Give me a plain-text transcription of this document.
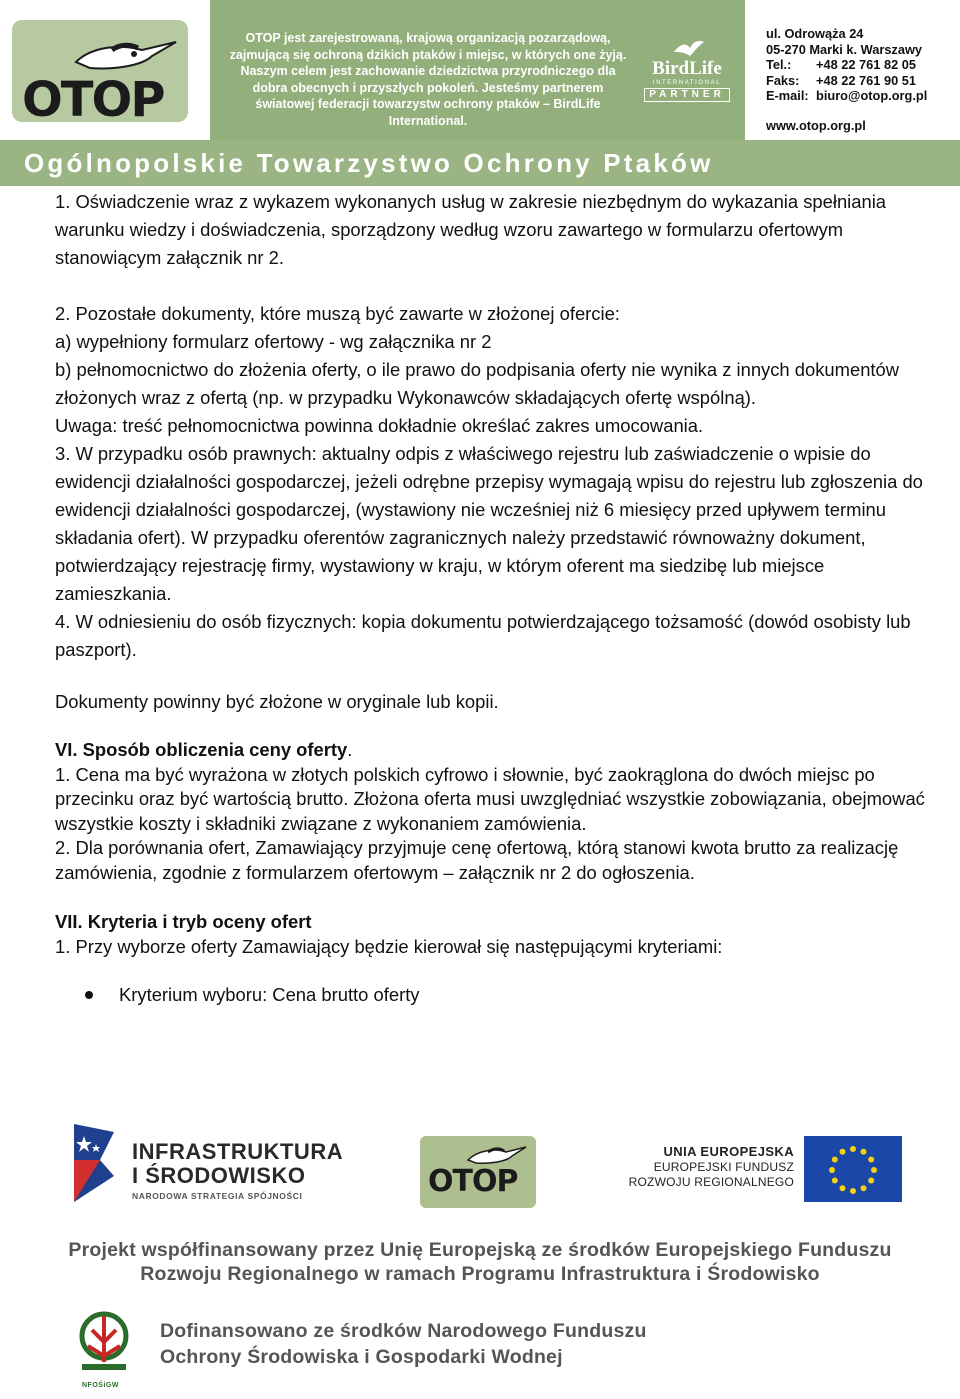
OTOP
OTOP jest zarejestrowaną, krajową organizacją pozarządową, zajmującą się ochroną dzikich ptaków i miejsc, w których one żyją. Naszym celem jest zachowanie dziedzictwa przyrodniczego dla dobra obecnych i przyszłych pokoleń. Jesteśmy partnerem światowej federacji towarzystw ochrony ptaków – BirdLife International.
BirdLife
INTERNATIONAL
PARTNER
ul. Odrowąża 24
05-270 Marki k. Warszawy
Tel.: +48 22 761 82 05
Faks: +48 22 761 90 51
E-mail: biuro@otop.org.pl
www.otop.org.pl
Ogólnopolskie Towarzystwo Ochrony Ptaków
1. Oświadczenie wraz z wykazem wykonanych usług w zakresie niezbędnym do wykazania spełniania warunku wiedzy i doświadczenia, sporządzony według wzoru zawartego w formularzu ofertowym stanowiącym załącznik nr 2.
2. Pozostałe dokumenty, które muszą być zawarte w złożonej ofercie:
a) wypełniony formularz ofertowy - wg załącznika nr 2
b) pełnomocnictwo do złożenia oferty, o ile prawo do podpisania oferty nie wynika z innych dokumentów złożonych wraz z ofertą (np. w przypadku Wykonawców składających ofertę wspólną).
Uwaga: treść pełnomocnictwa powinna dokładnie określać zakres umocowania.
3. W przypadku osób prawnych: aktualny odpis z właściwego rejestru lub zaświadczenie o wpisie do ewidencji działalności gospodarczej, jeżeli odrębne przepisy wymagają wpisu do rejestru lub zgłoszenia do ewidencji działalności gospodarczej, (wystawiony nie wcześniej niż 6 miesięcy przed upływem terminu składania ofert). W przypadku oferentów zagranicznych należy przedstawić równoważny dokument, potwierdzający rejestrację firmy, wystawiony w kraju, w którym oferent ma siedzibę lub miejsce zamieszkania.
4. W odniesieniu do osób fizycznych: kopia dokumentu potwierdzającego tożsamość (dowód osobisty lub paszport).
Dokumenty powinny być złożone w oryginale lub kopii.
VI. Sposób obliczenia ceny oferty.
1. Cena ma być wyrażona w złotych polskich cyfrowo i słownie, być zaokrąglona do dwóch miejsc po przecinku oraz być wartością brutto. Złożona oferta musi uwzględniać wszystkie zobowiązania, obejmować wszystkie koszty i składniki związane z wykonaniem zamówienia.
2. Dla porównania ofert, Zamawiający przyjmuje cenę ofertową, którą stanowi kwota brutto za realizację zamówienia, zgodnie z formularzem ofertowym – załącznik nr 2 do ogłoszenia.
VII. Kryteria i tryb oceny ofert
1. Przy wyborze oferty Zamawiający będzie kierował się następującymi kryteriami:
Kryterium wyboru: Cena brutto oferty
INFRASTRUKTURA
I ŚRODOWISKO
NARODOWA STRATEGIA SPÓJNOŚCI	OTOP
UNIA EUROPEJSKA
EUROPEJSKI FUNDUSZ
ROZWOJU REGIONALNEGO
Projekt współfinansowany przez Unię Europejską ze środków Europejskiego Funduszu
Rozwoju Regionalnego w ramach Programu Infrastruktura i Środowisko
NFOŚiGW
Dofinansowano ze środków Narodowego Funduszu
Ochrony Środowiska i Gospodarki Wodnej
